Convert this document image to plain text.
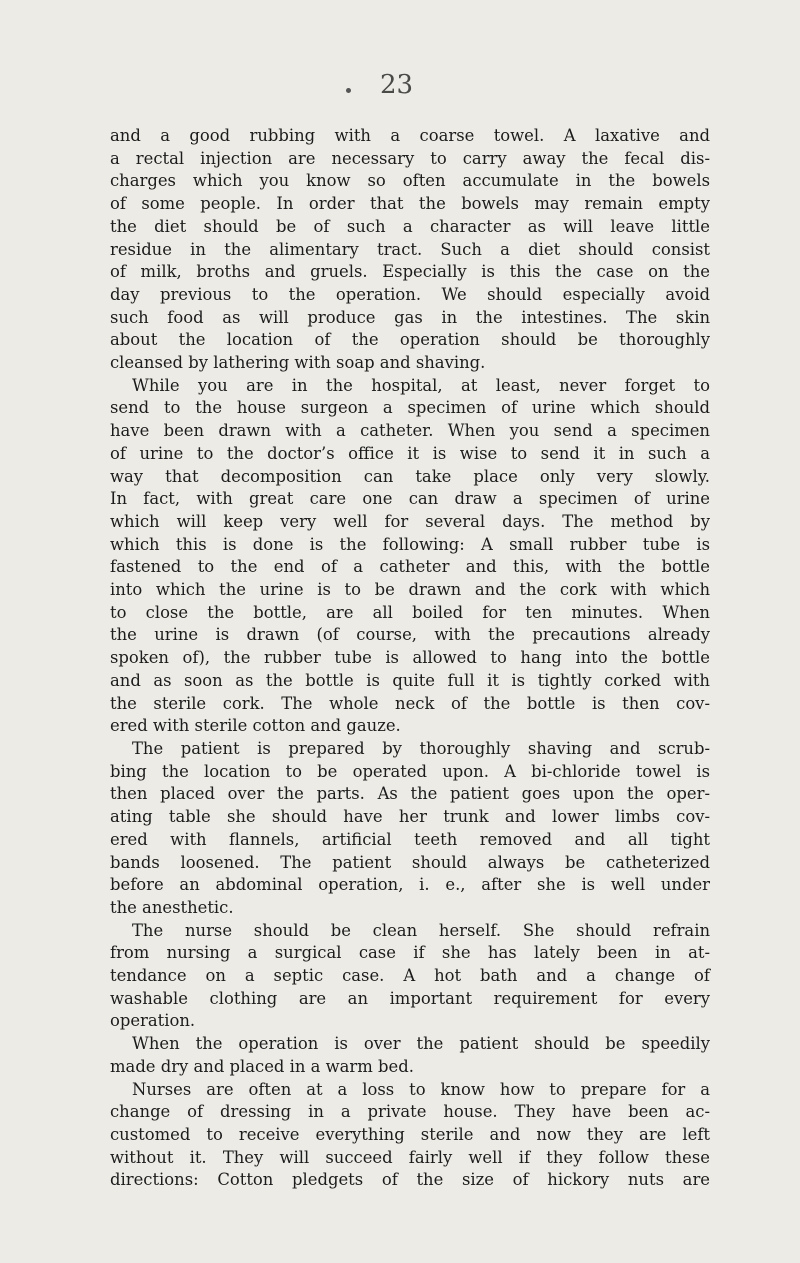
23
and a good rubbing with a coarse towel. A laxative and
a rectal injection are necessary to carry away the fecal dis-
charges which you know so often accumulate in the bowels
of some people. In order that the bowels may remain empty
the diet should be of such a character as will leave little
residue in the alimentary tract. Such a diet should consist
of milk, broths and gruels. Especially is this the case on the
day previous to the operation. We should especially avoid
such food as will produce gas in the intestines. The skin
about the location of the operation should be thoroughly
cleansed by lathering with soap and shaving.
While you are in the hospital, at least, never forget to
send to the house surgeon a specimen of urine which should
have been drawn with a catheter. When you send a specimen
of urine to the doctor’s office it is wise to send it in such a
way that decomposition can take place only very slowly.
In fact, with great care one can draw a specimen of urine
which will keep very well for several days. The method by
which this is done is the following: A small rubber tube is
fastened to the end of a catheter and this, with the bottle
into which the urine is to be drawn and the cork with which
to close the bottle, are all boiled for ten minutes. When
the urine is drawn (of course, with the precautions already
spoken of), the rubber tube is allowed to hang into the bottle
and as soon as the bottle is quite full it is tightly corked with
the sterile cork. The whole neck of the bottle is then cov-
ered with sterile cotton and gauze.
The patient is prepared by thoroughly shaving and scrub-
bing the location to be operated upon. A bi-chloride towel is
then placed over the parts. As the patient goes upon the oper-
ating table she should have her trunk and lower limbs cov-
ered with flannels, artificial teeth removed and all tight
bands loosened. The patient should always be catheterized
before an abdominal operation, i. e., after she is well under
the anesthetic.
The nurse should be clean herself. She should refrain
from nursing a surgical case if she has lately been in at-
tendance on a septic case. A hot bath and a change of
washable clothing are an important requirement for every
operation.
When the operation is over the patient should be speedily
made dry and placed in a warm bed.
Nurses are often at a loss to know how to prepare for a
change of dressing in a private house. They have been ac-
customed to receive everything sterile and now they are left
without it. They will succeed fairly well if they follow these
directions: Cotton pledgets of the size of hickory nuts are
